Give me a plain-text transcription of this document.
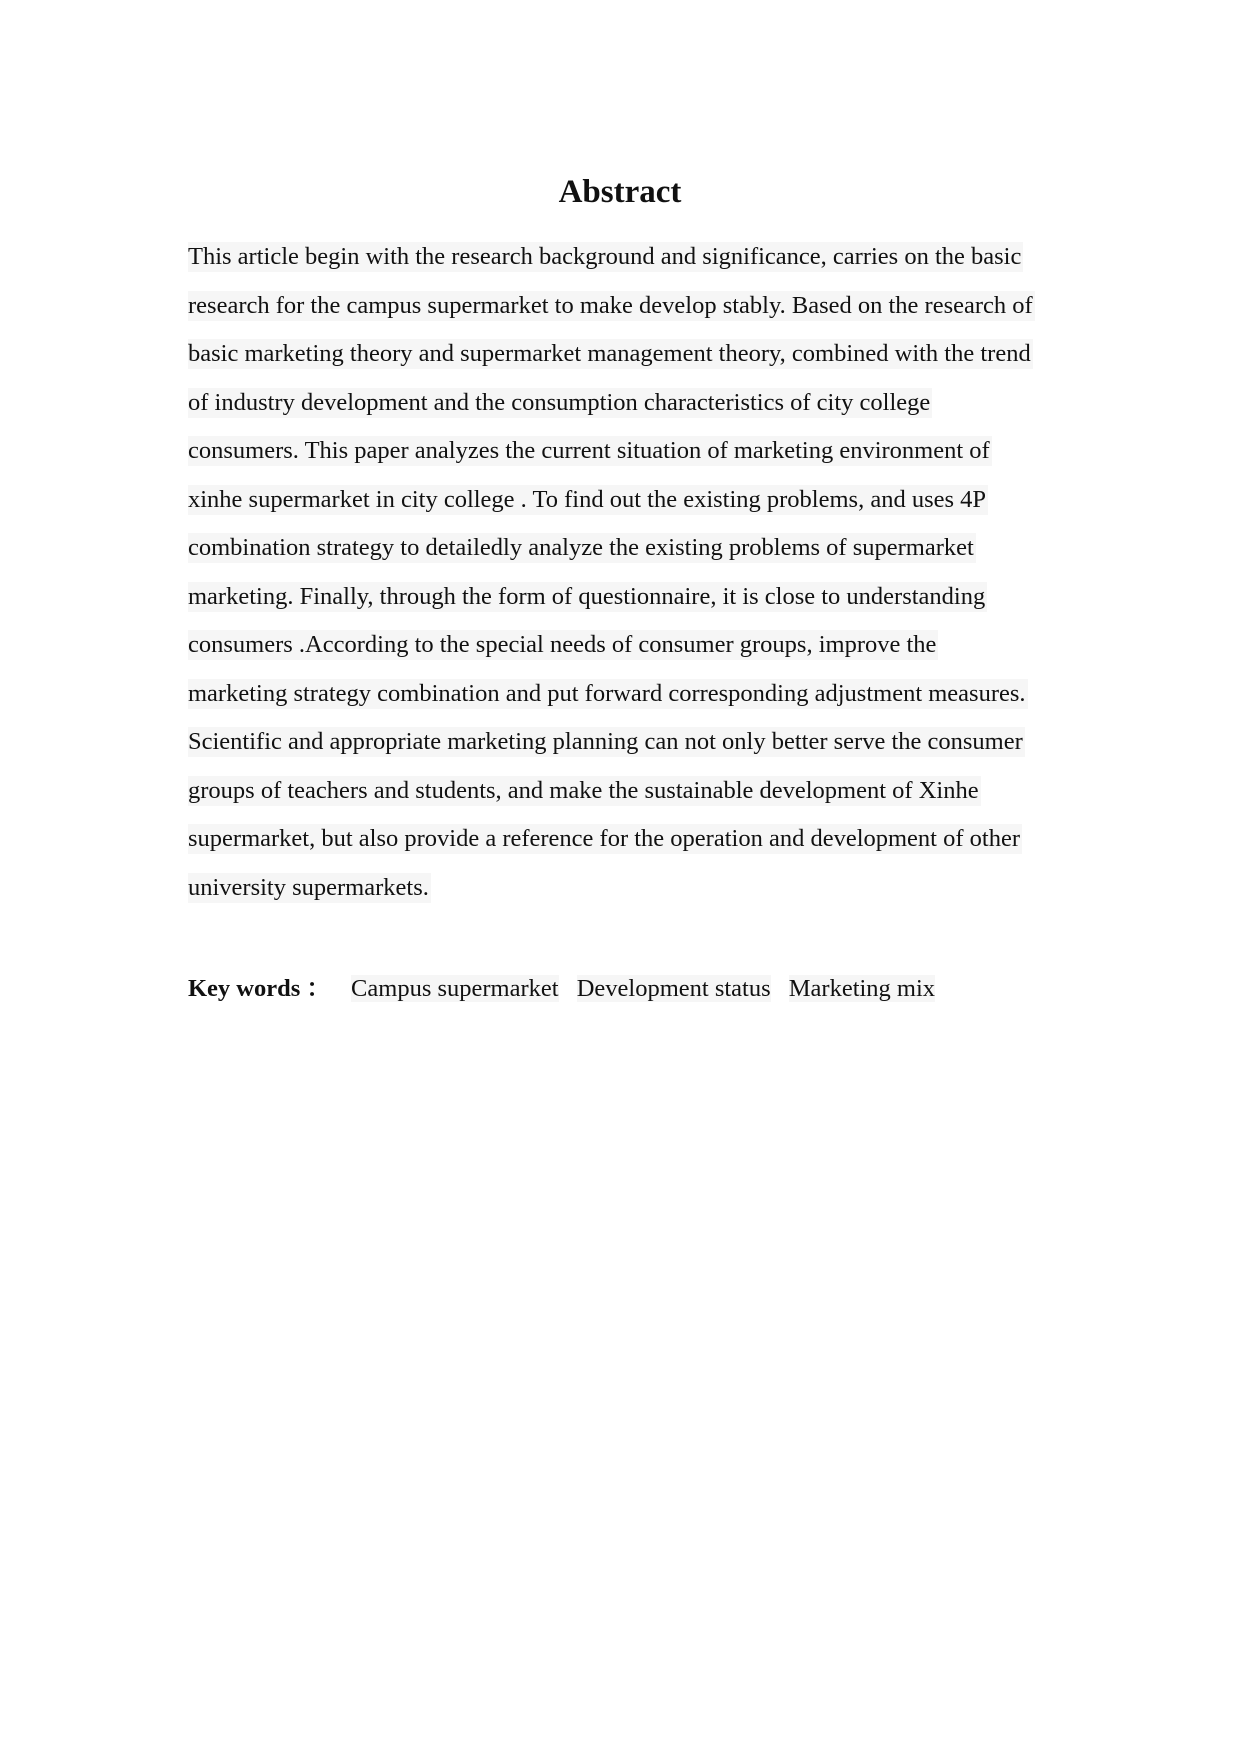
Abstract
This article begin with the research background and significance, carries on the basic
research for the campus supermarket to make develop stably. Based on the research of
basic marketing theory and supermarket management theory, combined with the trend
of industry development and the consumption characteristics of city college
consumers. This paper analyzes the current situation of marketing environment of
xinhe supermarket in city college . To find out the existing problems, and uses 4P
combination strategy to detailedly analyze the existing problems of supermarket
marketing. Finally, through the form of questionnaire, it is close to understanding
consumers .According to the special needs of consumer groups, improve the
marketing strategy combination and put forward corresponding adjustment measures.
Scientific and appropriate marketing planning can not only better serve the consumer
groups of teachers and students, and make the sustainable development of Xinhe
supermarket, but also provide a reference for the operation and development of other
university supermarkets.
Key words ： Campus supermarket Development status Marketing mix
